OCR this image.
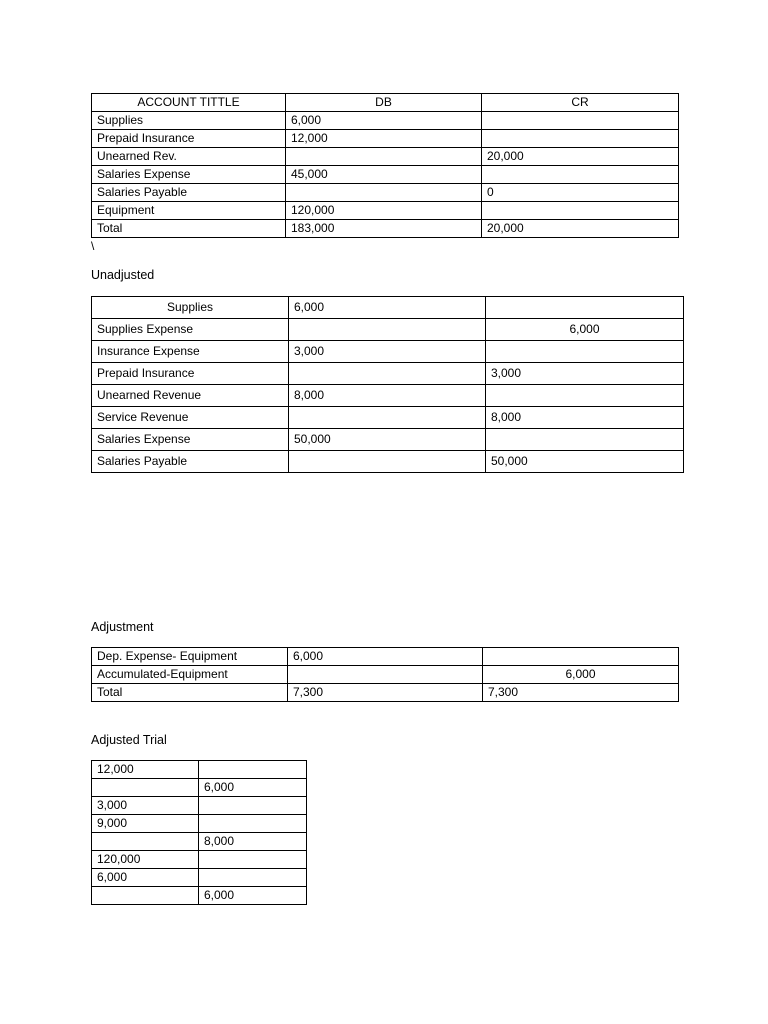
ACCOUNT TITTLE	DB	CR
Supplies	6,000	
Prepaid Insurance	12,000	
Unearned Rev.		20,000
Salaries Expense	45,000	
Salaries Payable		0
Equipment	120,000	
Total	183,000	20,000
\
Unadjusted
Supplies	6,000	
Supplies Expense		6,000
Insurance Expense	3,000	
Prepaid Insurance		3,000
Unearned Revenue	8,000	
Service Revenue		8,000
Salaries Expense	50,000	
Salaries Payable		50,000
Adjustment
Dep. Expense- Equipment	6,000	
Accumulated-Equipment		6,000
Total	7,300	7,300
Adjusted Trial
12,000	
	6,000
3,000	
9,000	
	8,000
120,000	
6,000	
	6,000
